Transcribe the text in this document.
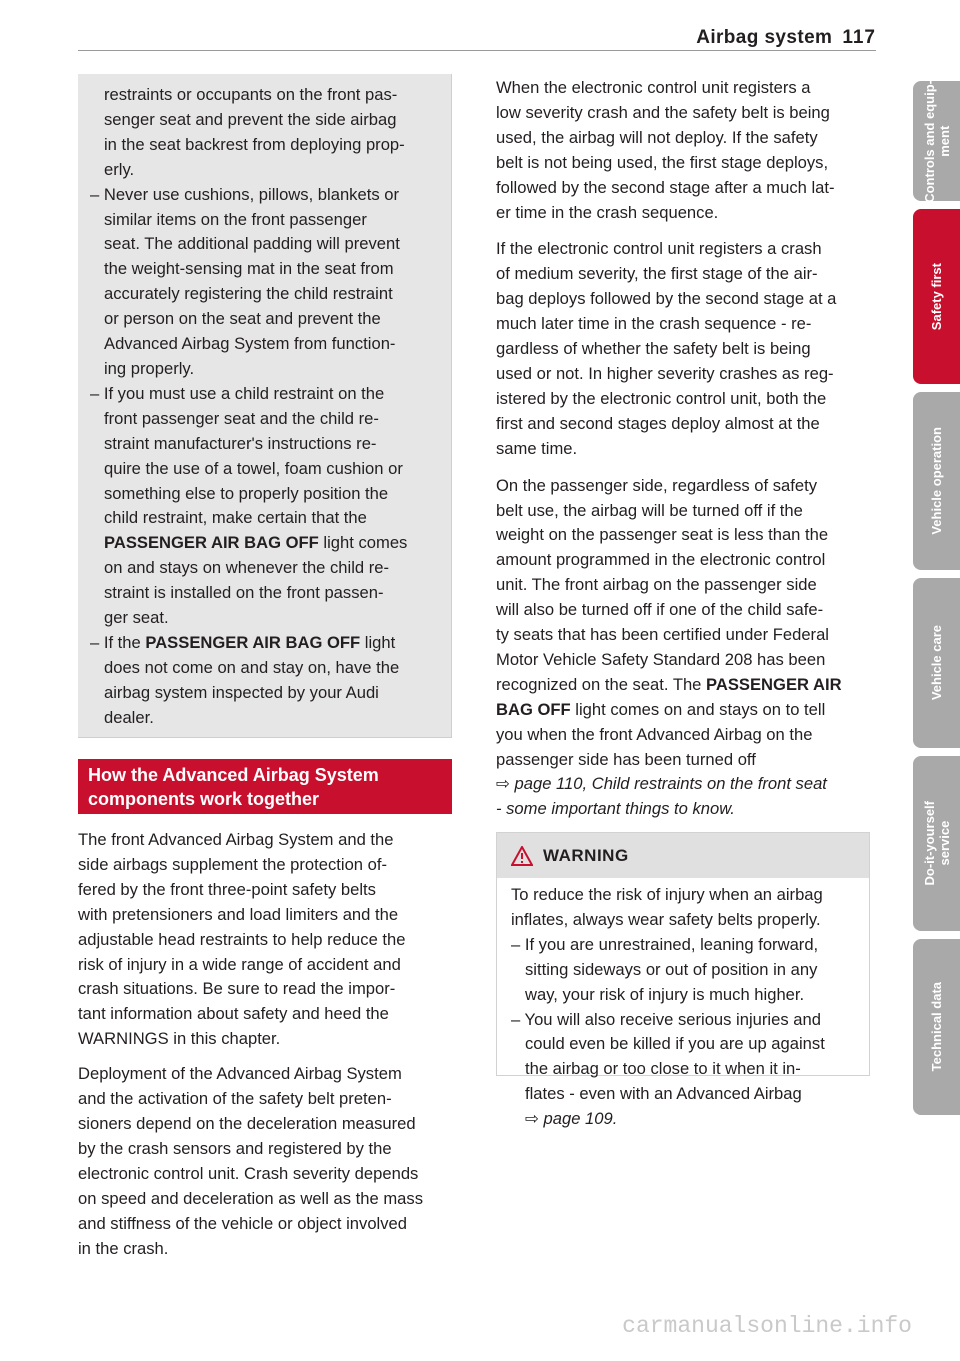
Airbag system 117

restraints or occupants on the front pas-

senger seat and prevent the side airbag

in the seat backrest from deploying prop-

erly.

– Never use cushions, pillows, blankets or

similar items on the front passenger

seat. The additional padding will prevent

the weight-sensing mat in the seat from

accurately registering the child restraint

or person on the seat and prevent the

Advanced Airbag System from function-

ing properly.

– If you must use a child restraint on the

front passenger seat and the child re-

straint manufacturer's instructions re-

quire the use of a towel, foam cushion or

something else to properly position the

child restraint, make certain that the

PASSENGER AIR BAG OFF light comes

on and stays on whenever the child re-

straint is installed on the front passen-

ger seat.

– If the PASSENGER AIR BAG OFF light

does not come on and stay on, have the

airbag system inspected by your Audi

dealer.

How the Advanced Airbag System
components work together

The front Advanced Airbag System and the

side airbags supplement the protection of-

fered by the front three-point safety belts

with pretensioners and load limiters and the

adjustable head restraints to help reduce the

risk of injury in a wide range of accident and

crash situations. Be sure to read the impor-

tant information about safety and heed the

WARNINGS in this chapter.

Deployment of the Advanced Airbag System

and the activation of the safety belt preten-

sioners depend on the deceleration measured

by the crash sensors and registered by the

electronic control unit. Crash severity depends

on speed and deceleration as well as the mass

and stiffness of the vehicle or object involved

in the crash.

When the electronic control unit registers a

low severity crash and the safety belt is being

used, the airbag will not deploy. If the safety

belt is not being used, the first stage deploys,

followed by the second stage after a much lat-

er time in the crash sequence.

If the electronic control unit registers a crash

of medium severity, the first stage of the air-

bag deploys followed by the second stage at a

much later time in the crash sequence - re-

gardless of whether the safety belt is being

used or not. In higher severity crashes as reg-

istered by the electronic control unit, both the

first and second stages deploy almost at the

same time.

On the passenger side, regardless of safety

belt use, the airbag will be turned off if the

weight on the passenger seat is less than the

amount programmed in the electronic control

unit. The front airbag on the passenger side

will also be turned off if one of the child safe-

ty seats that has been certified under Federal

Motor Vehicle Safety Standard 208 has been

recognized on the seat. The PASSENGER AIR

BAG OFF light comes on and stays on to tell

you when the front Advanced Airbag on the

passenger side has been turned off

⇨ page 110, Child restraints on the front seat

- some important things to know.

WARNING

To reduce the risk of injury when an airbag

inflates, always wear safety belts properly.

– If you are unrestrained, leaning forward,

sitting sideways or out of position in any

way, your risk of injury is much higher.

– You will also receive serious injuries and

could even be killed if you are up against

the airbag or too close to it when it in-

flates - even with an Advanced Airbag

⇨ page 109.

Controls and equip-
ment
Safety first
Vehicle operation
Vehicle care
Do-it-yourself
service
Technical data
carmanualsonline.info
